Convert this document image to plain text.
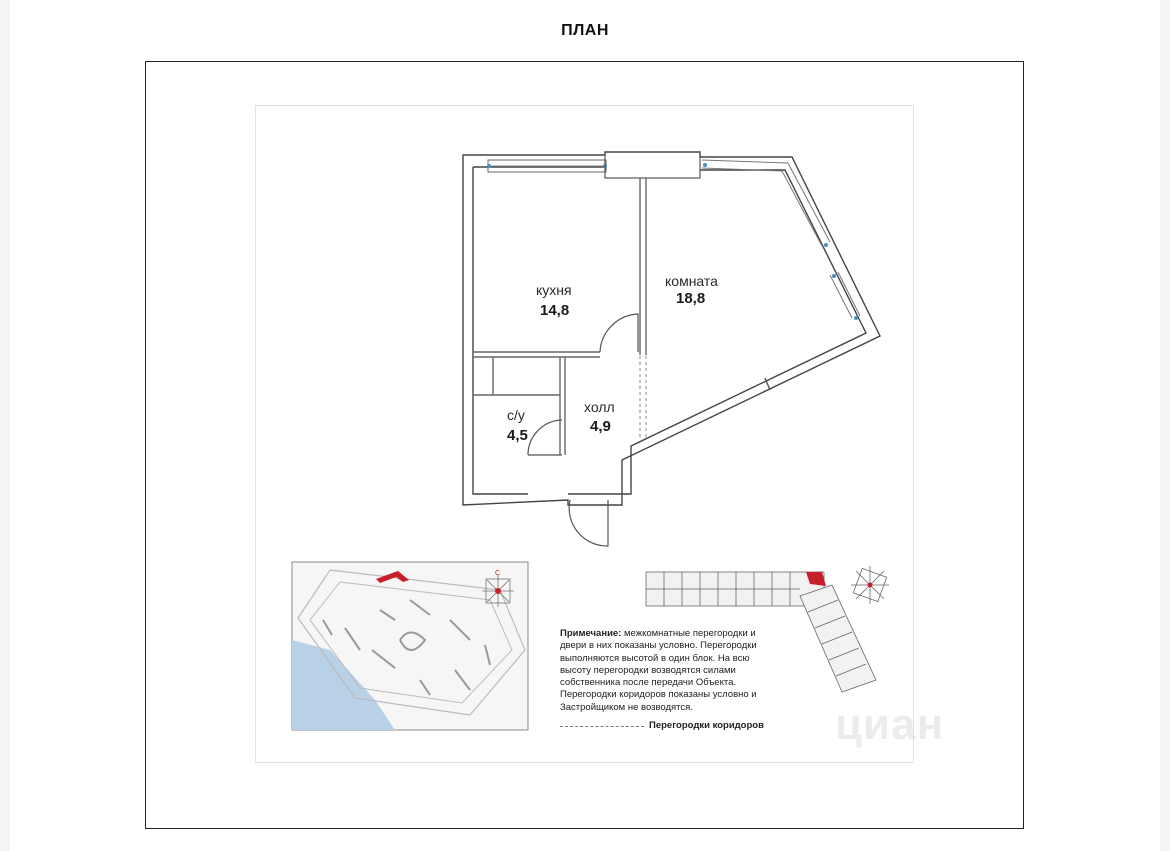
ПЛАН
кухня
14,8
комната
18,8
с/у
4,5
холл
4,9
С
Примечание: межкомнатные перегородки и двери в них показаны условно. Перегородки выполняются высотой в один блок. На всю высоту перегородки возводятся силами собственника после передачи Объекта. Перегородки коридоров показаны условно и Застройщиком не возводятся.
Перегородки коридоров циан
